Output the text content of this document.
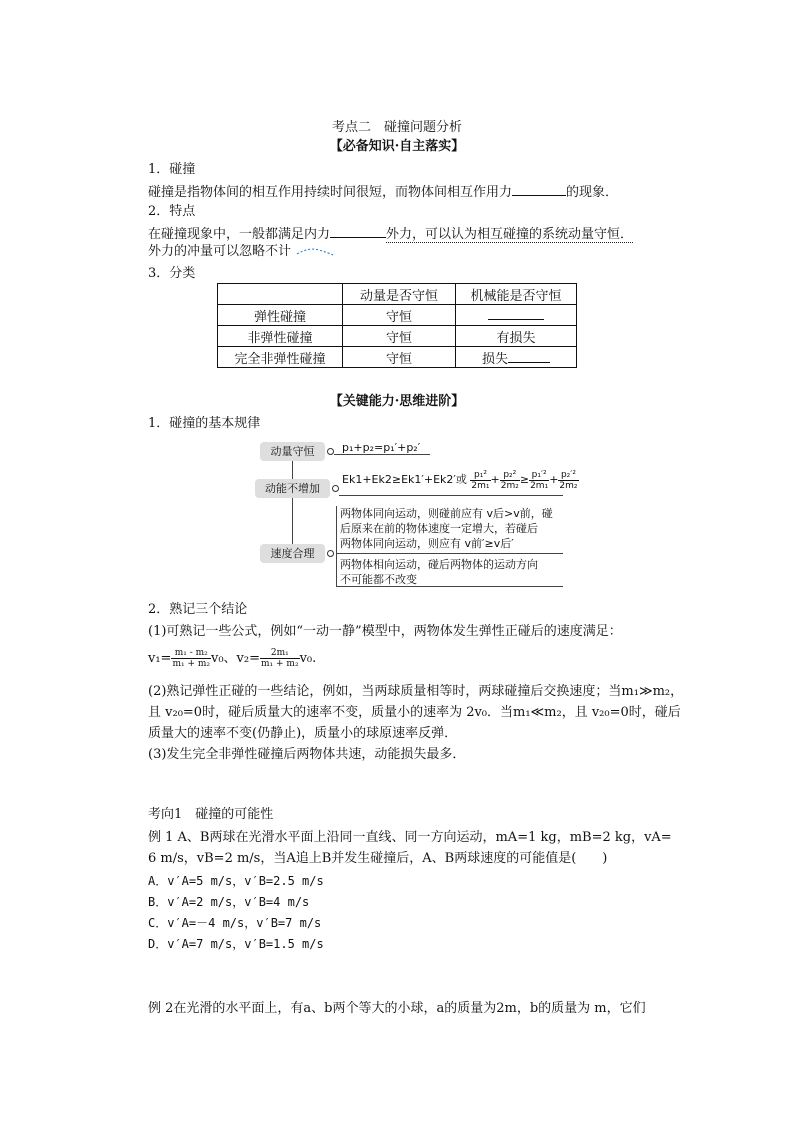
考点二　碰撞问题分析
【必备知识·自主落实】
1．碰撞
碰撞是指物体间的相互作用持续时间很短，而物体间相互作用力	的现象．
2．特点
在碰撞现象中，一般都满足内力	外力，可以认为相互碰撞的系统动量守恒．
外力的冲量可以忽略不计
3．分类
	动量是否守恒	机械能是否守恒
弹性碰撞	守恒	
非弹性碰撞	守恒	有损失
完全非弹性碰撞	守恒	损失
【关键能力·思维进阶】
1．碰撞的基本规律
动量守恒
动能不增加
速度合理
p₁+p₂=p₁′+p₂′
Ek1+Ek2≥Ek1′+Ek2′或 $\frac{\text{p₁²}}{\text{2m₁}} + \frac{\text{p₂²}}{\text{2m₂}} \ge \frac{\text{p₁′²}}{\text{2m₁}} + \frac{\text{p₂′²}}{\text{2m₂}}$
两物体同向运动，则碰前应有 v后>v前，碰
后原来在前的物体速度一定增大，若碰后
两物体同向运动，则应有 v前′≥v后′
两物体相向运动，碰后两物体的运动方向
不可能都不改变
2．熟记三个结论
(1)可熟记一些公式，例如“一动一静”模型中，两物体发生弹性正碰后的速度满足：
$v_1= \frac{\text{m₁ - m₂}}{\text{m₁ + m₂}} v_0$、$v_2= \frac{\text{2m₁}}{\text{m₁ + m₂}} v_0$.
(2)熟记弹性正碰的一些结论，例如，当两球质量相等时，两球碰撞后交换速度；当m₁≫m₂，
且 v₂₀=0时，碰后质量大的速率不变，质量小的速率为 2v₀．当m₁≪m₂，且 v₂₀=0时，碰后
质量大的速率不变(仍静止)，质量小的球原速率反弹．
(3)发生完全非弹性碰撞后两物体共速，动能损失最多．
考向1　碰撞的可能性
例 1 A、B两球在光滑水平面上沿同一直线、同一方向运动，mA=1 kg，mB=2 kg，vA=
6 m/s，vB=2 m/s，当A追上B并发生碰撞后，A、B两球速度的可能值是(　　)
A．v′A=5 m/s，v′B=2.5 m/s
B．v′A=2 m/s，v′B=4 m/s
C．v′A=－4 m/s，v′B=7 m/s
D．v′A=7 m/s，v′B=1.5 m/s
例 2在光滑的水平面上，有a、b两个等大的小球，a的质量为2m，b的质量为 m，它们
